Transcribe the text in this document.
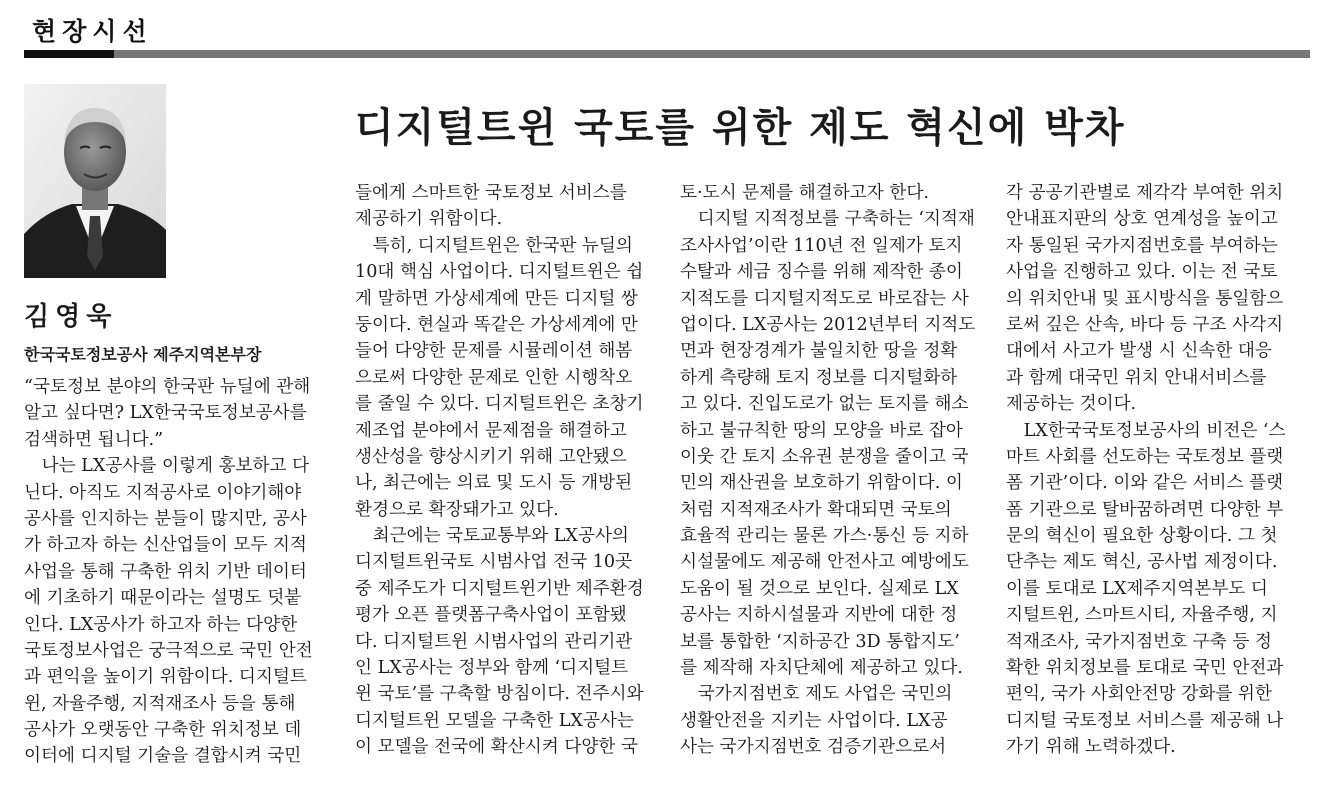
현장시선
김영욱
한국국토정보공사 제주지역본부장
디지털트윈 국토를 위한 제도 혁신에 박차
“국토정보 분야의 한국판 뉴딜에 관해
알고 싶다면? LX한국국토정보공사를
검색하면 됩니다.”
　나는 LX공사를 이렇게 홍보하고 다
닌다. 아직도 지적공사로 이야기해야
공사를 인지하는 분들이 많지만, 공사
가 하고자 하는 신산업들이 모두 지적
사업을 통해 구축한 위치 기반 데이터
에 기초하기 때문이라는 설명도 덧붙
인다. LX공사가 하고자 하는 다양한
국토정보사업은 궁극적으로 국민 안전
과 편익을 높이기 위함이다. 디지털트
윈, 자율주행, 지적재조사 등을 통해
공사가 오랫동안 구축한 위치정보 데
이터에 디지털 기술을 결합시켜 국민
들에게 스마트한 국토정보 서비스를
제공하기 위함이다.
　특히, 디지털트윈은 한국판 뉴딜의
10대 핵심 사업이다. 디지털트윈은 쉽
게 말하면 가상세계에 만든 디지털 쌍
둥이다. 현실과 똑같은 가상세계에 만
들어 다양한 문제를 시뮬레이션 해봄
으로써 다양한 문제로 인한 시행착오
를 줄일 수 있다. 디지털트윈은 초창기
제조업 분야에서 문제점을 해결하고
생산성을 향상시키기 위해 고안됐으
나, 최근에는 의료 및 도시 등 개방된
환경으로 확장돼가고 있다.
　최근에는 국토교통부와 LX공사의
디지털트윈국토 시범사업 전국 10곳
중 제주도가 디지털트윈기반 제주환경
평가 오픈 플랫폼구축사업이 포함됐
다. 디지털트윈 시범사업의 관리기관
인 LX공사는 정부와 함께 ‘디지털트
윈 국토’를 구축할 방침이다. 전주시와
디지털트윈 모델을 구축한 LX공사는
이 모델을 전국에 확산시켜 다양한 국
토·도시 문제를 해결하고자 한다.
　디지털 지적정보를 구축하는 ‘지적재
조사사업’이란 110년 전 일제가 토지
수탈과 세금 징수를 위해 제작한 종이
지적도를 디지털지적도로 바로잡는 사
업이다. LX공사는 2012년부터 지적도
면과 현장경계가 불일치한 땅을 정확
하게 측량해 토지 정보를 디지털화하
고 있다. 진입도로가 없는 토지를 해소
하고 불규칙한 땅의 모양을 바로 잡아
이웃 간 토지 소유권 분쟁을 줄이고 국
민의 재산권을 보호하기 위함이다. 이
처럼 지적재조사가 확대되면 국토의
효율적 관리는 물론 가스·통신 등 지하
시설물에도 제공해 안전사고 예방에도
도움이 될 것으로 보인다. 실제로 LX
공사는 지하시설물과 지반에 대한 정
보를 통합한 ‘지하공간 3D 통합지도’
를 제작해 자치단체에 제공하고 있다.
　국가지점번호 제도 사업은 국민의
생활안전을 지키는 사업이다. LX공
사는 국가지점번호 검증기관으로서
각 공공기관별로 제각각 부여한 위치
안내표지판의 상호 연계성을 높이고
자 통일된 국가지점번호를 부여하는
사업을 진행하고 있다. 이는 전 국토
의 위치안내 및 표시방식을 통일함으
로써 깊은 산속, 바다 등 구조 사각지
대에서 사고가 발생 시 신속한 대응
과 함께 대국민 위치 안내서비스를
제공하는 것이다.
　LX한국국토정보공사의 비전은 ‘스
마트 사회를 선도하는 국토정보 플랫
폼 기관’이다. 이와 같은 서비스 플랫
폼 기관으로 탈바꿈하려면 다양한 부
문의 혁신이 필요한 상황이다. 그 첫
단추는 제도 혁신, 공사법 제정이다.
이를 토대로 LX제주지역본부도 디
지털트윈, 스마트시티, 자율주행, 지
적재조사, 국가지점번호 구축 등 정
확한 위치정보를 토대로 국민 안전과
편익, 국가 사회안전망 강화를 위한
디지털 국토정보 서비스를 제공해 나
가기 위해 노력하겠다.
